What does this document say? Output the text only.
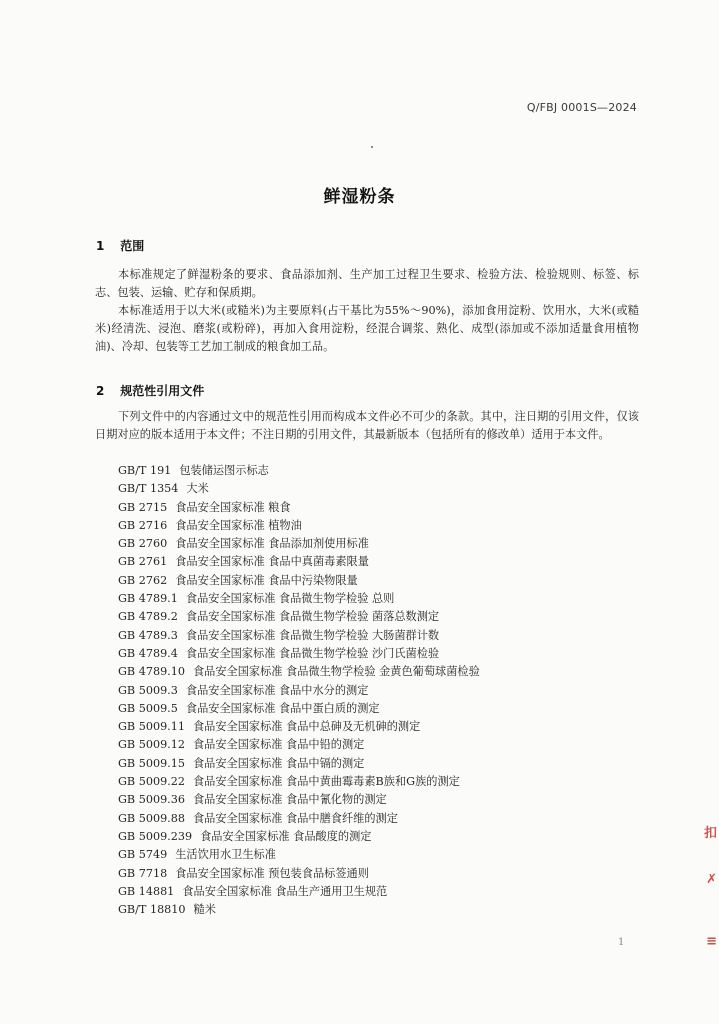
Q/FBJ 0001S—2024
鲜湿粉条
1 范围
本标准规定了鲜湿粉条的要求、食品添加剂、生产加工过程卫生要求、检验方法、检验规则、标签、标志、包装、运输、贮存和保质期。
本标准适用于以大米(或糙米)为主要原料(占干基比为55%～90%)，添加食用淀粉、饮用水，大米(或糙米)经清洗、浸泡、磨浆(或粉碎)，再加入食用淀粉，经混合调浆、熟化、成型(添加或不添加适量食用植物油)、冷却、包装等工艺加工制成的粮食加工品。
2 规范性引用文件
下列文件中的内容通过文中的规范性引用而构成本文件必不可少的条款。其中，注日期的引用文件，仅该日期对应的版本适用于本文件；不注日期的引用文件，其最新版本（包括所有的修改单）适用于本文件。
GB/T 191 包装储运图示标志
GB/T 1354 大米
GB 2715 食品安全国家标准 粮食
GB 2716 食品安全国家标准 植物油
GB 2760 食品安全国家标准 食品添加剂使用标准
GB 2761 食品安全国家标准 食品中真菌毒素限量
GB 2762 食品安全国家标准 食品中污染物限量
GB 4789.1 食品安全国家标准 食品微生物学检验 总则
GB 4789.2 食品安全国家标准 食品微生物学检验 菌落总数测定
GB 4789.3 食品安全国家标准 食品微生物学检验 大肠菌群计数
GB 4789.4 食品安全国家标准 食品微生物学检验 沙门氏菌检验
GB 4789.10 食品安全国家标准 食品微生物学检验 金黄色葡萄球菌检验
GB 5009.3 食品安全国家标准 食品中水分的测定
GB 5009.5 食品安全国家标准 食品中蛋白质的测定
GB 5009.11 食品安全国家标准 食品中总砷及无机砷的测定
GB 5009.12 食品安全国家标准 食品中铅的测定
GB 5009.15 食品安全国家标准 食品中镉的测定
GB 5009.22 食品安全国家标准 食品中黄曲霉毒素B族和G族的测定
GB 5009.36 食品安全国家标准 食品中氰化物的测定
GB 5009.88 食品安全国家标准 食品中膳食纤维的测定
GB 5009.239 食品安全国家标准 食品酸度的测定
GB 5749 生活饮用水卫生标准
GB 7718 食品安全国家标准 预包装食品标签通则
GB 14881 食品安全国家标准 食品生产通用卫生规范
GB/T 18810 糙米
1
扣
✗
≡
